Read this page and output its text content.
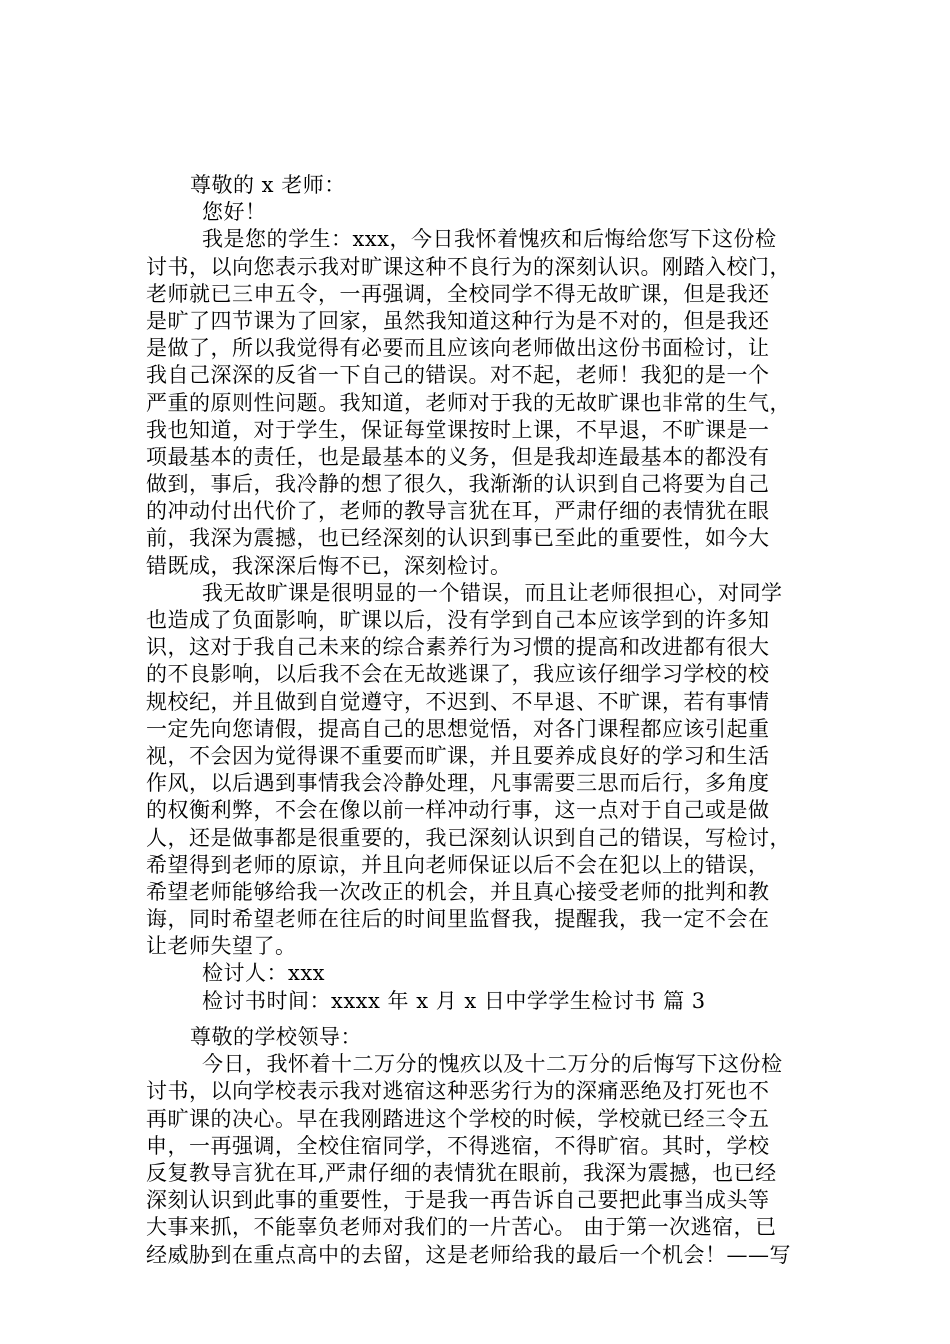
尊敬的 x 老师：
您好！
我是您的学生：xxx，今日我怀着愧疚和后悔给您写下这份检
讨书，以向您表示我对旷课这种不良行为的深刻认识。刚踏入校门，
老师就已三申五令，一再强调，全校同学不得无故旷课，但是我还
是旷了四节课为了回家，虽然我知道这种行为是不对的，但是我还
是做了，所以我觉得有必要而且应该向老师做出这份书面检讨，让
我自己深深的反省一下自己的错误。对不起，老师！我犯的是一个
严重的原则性问题。我知道，老师对于我的无故旷课也非常的生气，
我也知道，对于学生，保证每堂课按时上课，不早退，不旷课是一
项最基本的责任，也是最基本的义务，但是我却连最基本的都没有
做到，事后，我冷静的想了很久，我渐渐的认识到自己将要为自己
的冲动付出代价了，老师的教导言犹在耳，严肃仔细的表情犹在眼
前，我深为震撼，也已经深刻的认识到事已至此的重要性，如今大
错既成，我深深后悔不已，深刻检讨。
我无故旷课是很明显的一个错误，而且让老师很担心，对同学
也造成了负面影响，旷课以后，没有学到自己本应该学到的许多知
识，这对于我自己未来的综合素养行为习惯的提高和改进都有很大
的不良影响，以后我不会在无故逃课了，我应该仔细学习学校的校
规校纪，并且做到自觉遵守，不迟到、不早退、不旷课，若有事情
一定先向您请假，提高自己的思想觉悟，对各门课程都应该引起重
视，不会因为觉得课不重要而旷课，并且要养成良好的学习和生活
作风，以后遇到事情我会冷静处理，凡事需要三思而后行，多角度
的权衡利弊，不会在像以前一样冲动行事，这一点对于自己或是做
人，还是做事都是很重要的，我已深刻认识到自己的错误，写检讨，
希望得到老师的原谅，并且向老师保证以后不会在犯以上的错误，
希望老师能够给我一次改正的机会，并且真心接受老师的批判和教
诲，同时希望老师在往后的时间里监督我，提醒我，我一定不会在
让老师失望了。
检讨人：xxx
检讨书时间：xxxx 年 x 月 x 日中学学生检讨书 篇 3
尊敬的学校领导：
今日，我怀着十二万分的愧疚以及十二万分的后悔写下这份检
讨书，以向学校表示我对逃宿这种恶劣行为的深痛恶绝及打死也不
再旷课的决心。早在我刚踏进这个学校的时候，学校就已经三令五
申，一再强调，全校住宿同学，不得逃宿，不得旷宿。其时，学校
反复教导言犹在耳,严肃仔细的表情犹在眼前，我深为震撼，也已经
深刻认识到此事的重要性，于是我一再告诉自己要把此事当成头等
大事来抓，不能辜负老师对我们的一片苦心。 由于第一次逃宿，已
经威胁到在重点高中的去留，这是老师给我的最后一个机会！——写
